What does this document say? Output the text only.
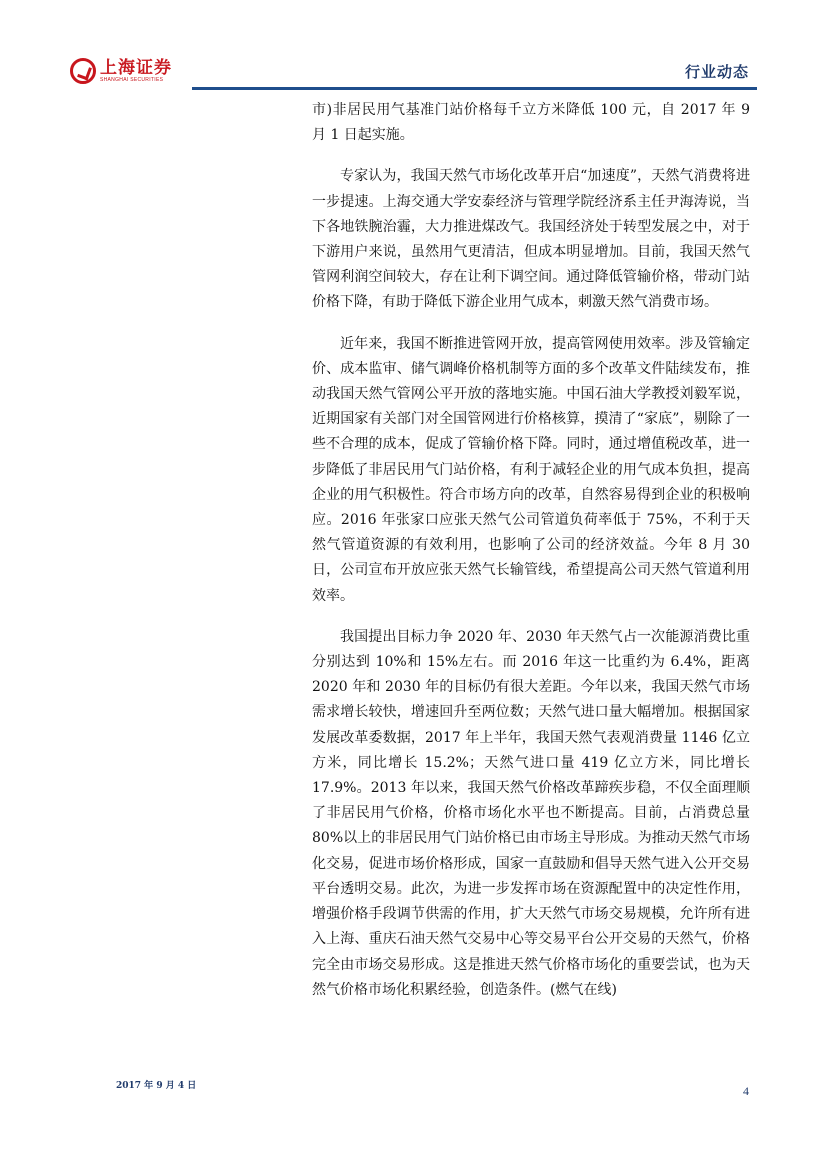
上海证券
SHANGHAI SECURITIES	行业动态

市)非居民用气基准门站价格每千立方米降低 100 元，自 2017 年 9 月 1 日起实施。

专家认为，我国天然气市场化改革开启“加速度”，天然气消费将进一步提速。上海交通大学安泰经济与管理学院经济系主任尹海涛说，当下各地铁腕治霾，大力推进煤改气。我国经济处于转型发展之中，对于下游用户来说，虽然用气更清洁，但成本明显增加。目前，我国天然气管网利润空间较大，存在让利下调空间。通过降低管输价格，带动门站价格下降，有助于降低下游企业用气成本，刺激天然气消费市场。

近年来，我国不断推进管网开放，提高管网使用效率。涉及管输定价、成本监审、储气调峰价格机制等方面的多个改革文件陆续发布，推动我国天然气管网公平开放的落地实施。中国石油大学教授刘毅军说，近期国家有关部门对全国管网进行价格核算，摸清了“家底”，剔除了一些不合理的成本，促成了管输价格下降。同时，通过增值税改革，进一步降低了非居民用气门站价格，有利于减轻企业的用气成本负担，提高企业的用气积极性。符合市场方向的改革，自然容易得到企业的积极响应。2016 年张家口应张天然气公司管道负荷率低于 75%，不利于天然气管道资源的有效利用，也影响了公司的经济效益。今年 8 月 30 日，公司宣布开放应张天然气长输管线，希望提高公司天然气管道利用效率。

我国提出目标力争 2020 年、2030 年天然气占一次能源消费比重分别达到 10%和 15%左右。而 2016 年这一比重约为 6.4%，距离 2020 年和 2030 年的目标仍有很大差距。今年以来，我国天然气市场需求增长较快，增速回升至两位数；天然气进口量大幅增加。根据国家发展改革委数据，2017 年上半年，我国天然气表观消费量 1146 亿立方米，同比增长 15.2%；天然气进口量 419 亿立方米，同比增长 17.9%。2013 年以来，我国天然气价格改革蹄疾步稳，不仅全面理顺了非居民用气价格，价格市场化水平也不断提高。目前，占消费总量 80%以上的非居民用气门站价格已由市场主导形成。为推动天然气市场化交易，促进市场价格形成，国家一直鼓励和倡导天然气进入公开交易平台透明交易。此次，为进一步发挥市场在资源配置中的决定性作用，增强价格手段调节供需的作用，扩大天然气市场交易规模，允许所有进入上海、重庆石油天然气交易中心等交易平台公开交易的天然气，价格完全由市场交易形成。这是推进天然气价格市场化的重要尝试，也为天然气价格市场化积累经验，创造条件。(燃气在线)

2017 年 9 月 4 日	4
